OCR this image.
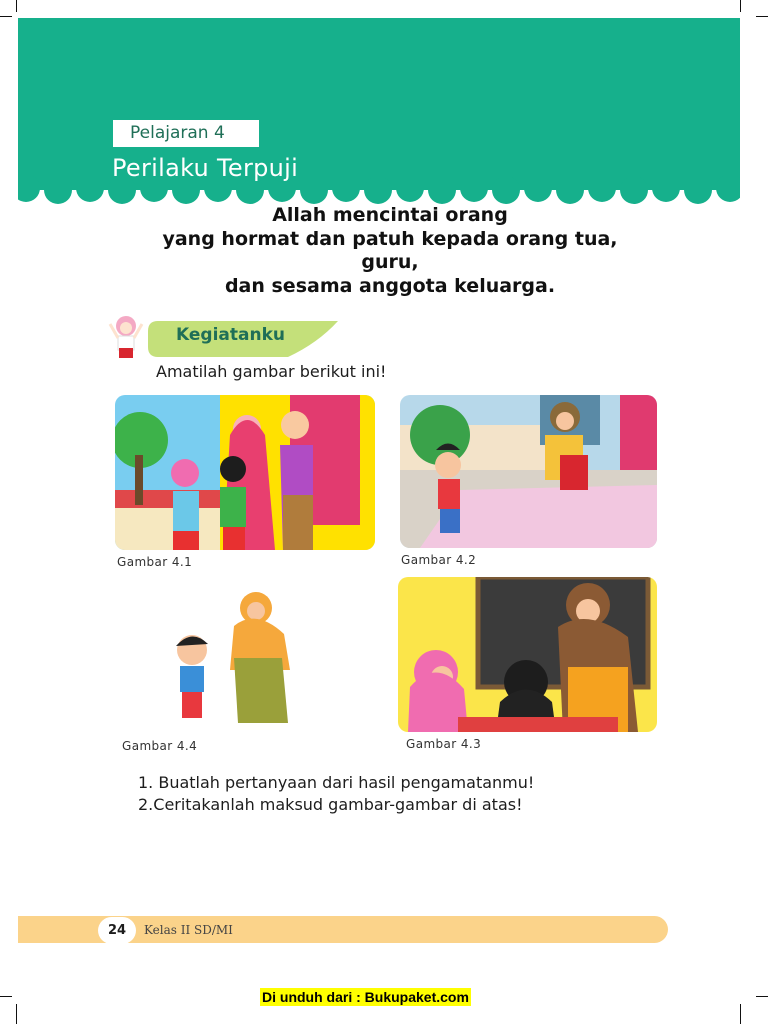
Pelajaran 4
Perilaku Terpuji
Allah mencintai orang
yang hormat dan patuh kepada orang tua,
guru,
dan sesama anggota keluarga.
Kegiatanku
Amatilah gambar berikut ini!
Gambar 4.1	Gambar 4.2
Gambar 4.4	Gambar 4.3
1. Buatlah pertanyaan dari hasil pengamatanmu!
2.Ceritakanlah maksud gambar-gambar di atas!
24	Kelas II SD/MI
Di unduh dari : Bukupaket.com
